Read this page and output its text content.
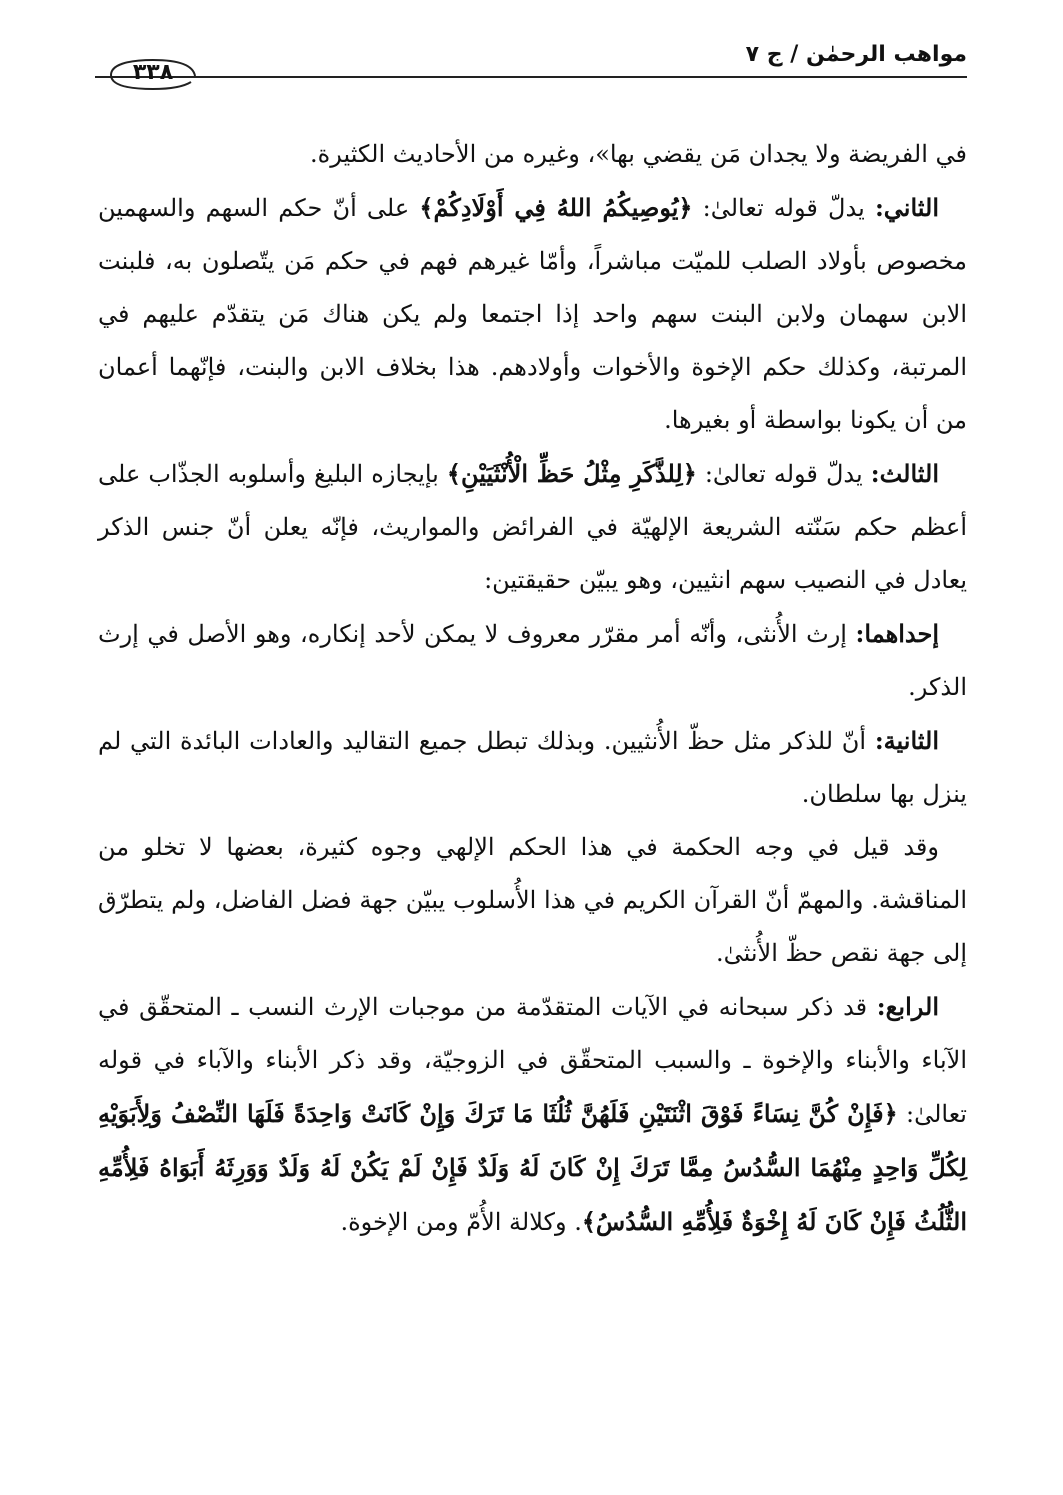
مواهب الرحمٰن / ج ٧
٣٣٨

في الفريضة ولا يجدان مَن يقضي بها»، وغيره من الأحاديث الكثيرة.

الثاني: يدلّ قوله تعالىٰ: ﴿يُوصِيكُمُ اللهُ فِي أَوْلَادِكُمْ﴾ على أنّ حكم السهم والسهمين مخصوص بأولاد الصلب للميّت مباشراً، وأمّا غيرهم فهم في حكم مَن يتّصلون به، فلبنت الابن سهمان ولابن البنت سهم واحد إذا اجتمعا ولم يكن هناك مَن يتقدّم عليهم في المرتبة، وكذلك حكم الإخوة والأخوات وأولادهم. هذا بخلاف الابن والبنت، فإنّهما أعمان من أن يكونا بواسطة أو بغيرها.

الثالث: يدلّ قوله تعالىٰ: ﴿لِلذَّكَرِ مِثْلُ حَظِّ الْأُنْثَيَيْنِ﴾ بإيجازه البليغ وأسلوبه الجذّاب على أعظم حكم سَنّته الشريعة الإلهيّة في الفرائض والمواريث، فإنّه يعلن أنّ جنس الذكر يعادل في النصيب سهم انثيين، وهو يبيّن حقيقتين:

إحداهما: إرث الأُنثى، وأنّه أمر مقرّر معروف لا يمكن لأحد إنكاره، وهو الأصل في إرث الذكر.

الثانية: أنّ للذكر مثل حظّ الأُنثيين. وبذلك تبطل جميع التقاليد والعادات البائدة التي لم ينزل بها سلطان.

وقد قيل في وجه الحكمة في هذا الحكم الإلهي وجوه كثيرة، بعضها لا تخلو من المناقشة. والمهمّ أنّ القرآن الكريم في هذا الأُسلوب يبيّن جهة فضل الفاضل، ولم يتطرّق إلى جهة نقص حظّ الأُنثىٰ.

الرابع: قد ذكر سبحانه في الآيات المتقدّمة من موجبات الإرث النسب ـ المتحقّق في الآباء والأبناء والإخوة ـ والسبب المتحقّق في الزوجيّة، وقد ذكر الأبناء والآباء في قوله تعالىٰ: ﴿فَإِنْ كُنَّ نِسَاءً فَوْقَ اثْنَتَيْنِ فَلَهُنَّ ثُلُثَا مَا تَرَكَ وَإِنْ كَانَتْ وَاحِدَةً فَلَهَا النِّصْفُ وَلِأَبَوَيْهِ لِكُلِّ وَاحِدٍ مِنْهُمَا السُّدُسُ مِمَّا تَرَكَ إِنْ كَانَ لَهُ وَلَدٌ فَإِنْ لَمْ يَكُنْ لَهُ وَلَدٌ وَوَرِثَهُ أَبَوَاهُ فَلِأُمِّهِ الثُّلُثُ فَإِنْ كَانَ لَهُ إِخْوَةٌ فَلِأُمِّهِ السُّدُسُ﴾. وكلالة الأُمّ ومن الإخوة.
